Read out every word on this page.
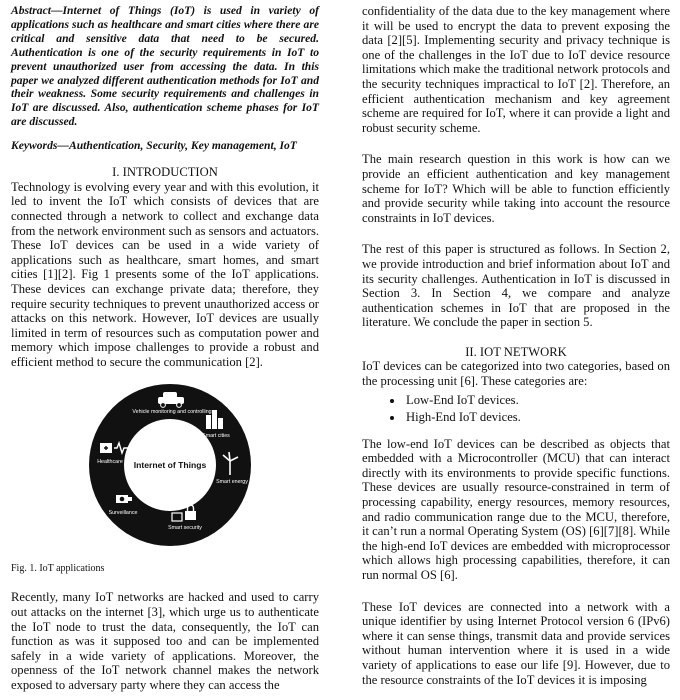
Abstract—Internet of Things (IoT) is used in variety of applications such as healthcare and smart cities where there are critical and sensitive data that need to be secured. Authentication is one of the security requirements in IoT to prevent unauthorized user from accessing the data. In this paper we analyzed different authentication methods for IoT and their weakness. Some security requirements and challenges in IoT are discussed. Also, authentication scheme phases for IoT are discussed.

Keywords—Authentication, Security, Key management, IoT

I. INTRODUCTION

Technology is evolving every year and with this evolution, it led to invent the IoT which consists of devices that are connected through a network to collect and exchange data from the network environment such as sensors and actuators. These IoT devices can be used in a wide variety of applications such as healthcare, smart homes, and smart cities [1][2]. Fig 1 presents some of the IoT applications. These devices can exchange private data; therefore, they require security techniques to prevent unauthorized access or attacks on this network. However, IoT devices are usually limited in term of resources such as computation power and memory which impose challenges to provide a robust and efficient method to secure the communication [2].

Internet of Things
Vehicle monitoring and controlling
Smart cities
Smart energy
Smart security
Surveillance
Healthcare
Fig. 1. IoT applications

Recently, many IoT networks are hacked and used to carry out attacks on the internet [3], which urge us to authenticate the IoT node to trust the data, consequently, the IoT can function as was it supposed too and can be implemented safely in a wide variety of applications. Moreover, the openness of the IoT network channel makes the network exposed to adversary party where they can access the

confidentiality of the data due to the key management where it will be used to encrypt the data to prevent exposing the data [2][5]. Implementing security and privacy technique is one of the challenges in the IoT due to IoT device resource limitations which make the traditional network protocols and the security techniques impractical to IoT [2]. Therefore, an efficient authentication mechanism and key agreement scheme are required for IoT, where it can provide a light and robust security scheme.

The main research question in this work is how can we provide an efficient authentication and key management scheme for IoT? Which will be able to function efficiently and provide security while taking into account the resource constraints in IoT devices.

The rest of this paper is structured as follows. In Section 2, we provide introduction and brief information about IoT and its security challenges. Authentication in IoT is discussed in Section 3. In Section 4, we compare and analyze authentication schemes in IoT that are proposed in the literature. We conclude the paper in section 5.

II. IOT NETWORK

IoT devices can be categorized into two categories, based on the processing unit [6]. These categories are:

• Low-End IoT devices.
• High-End IoT devices.

The low-end IoT devices can be described as objects that embedded with a Microcontroller (MCU) that can interact directly with its environments to provide specific functions. These devices are usually resource-constrained in term of processing capability, energy resources, memory resources, and radio communication range due to the MCU, therefore, it can’t run a normal Operating System (OS) [6][7][8]. While the high-end IoT devices are embedded with microprocessor which allows high processing capabilities, therefore, it can run normal OS [6].

These IoT devices are connected into a network with a unique identifier by using Internet Protocol version 6 (IPv6) where it can sense things, transmit data and provide services without human intervention where it is used in a wide variety of applications to ease our life [9]. However, due to the resource constraints of the IoT devices it is imposing
